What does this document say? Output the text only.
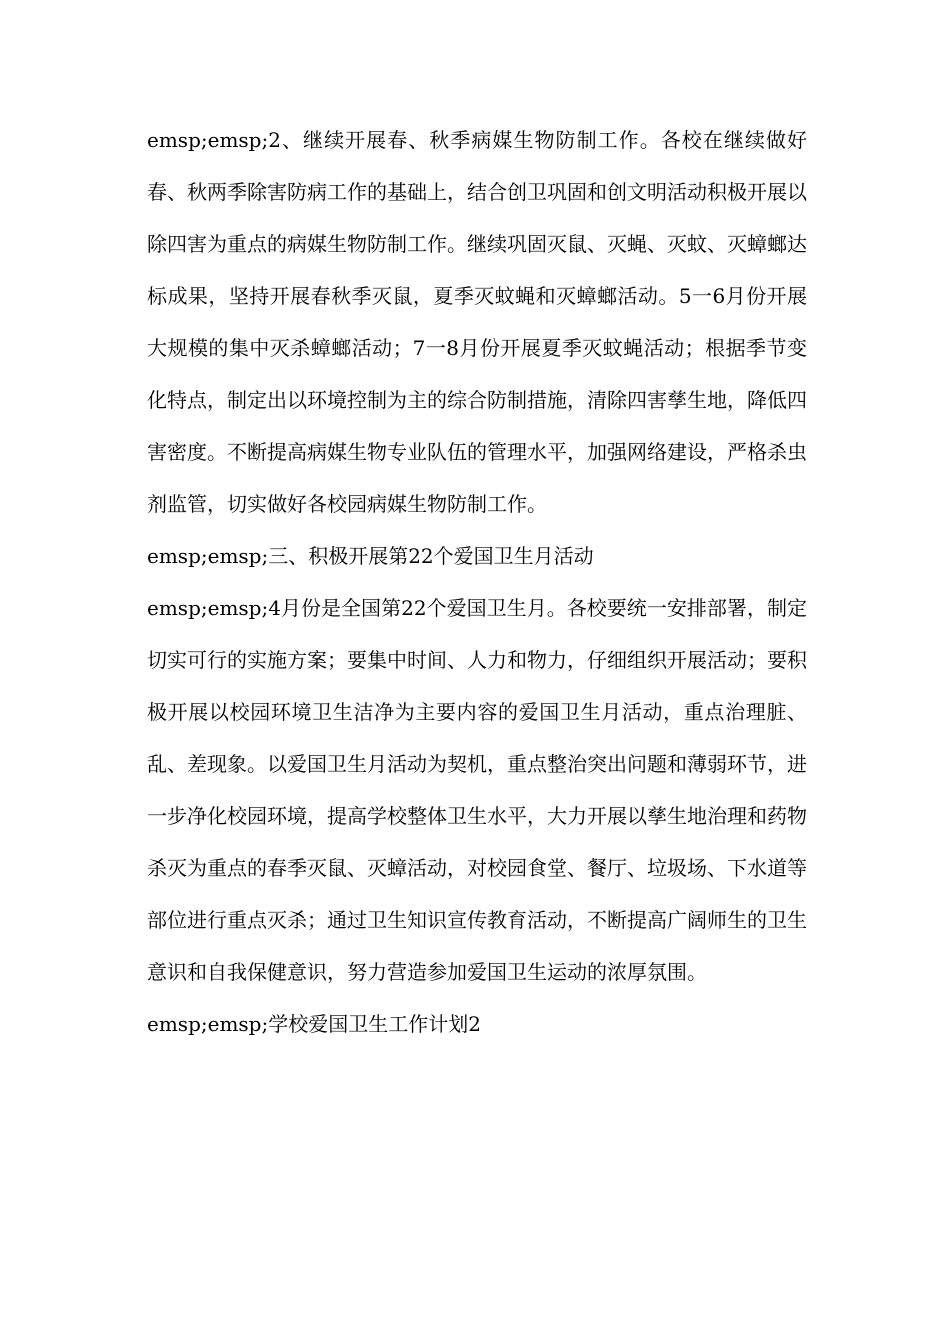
emsp;emsp;2、继续开展春、秋季病媒生物防制工作。各校在继续做好春、秋两季除害防病工作的基础上，结合创卫巩固和创文明活动积极开展以除四害为重点的病媒生物防制工作。继续巩固灭鼠、灭蝇、灭蚊、灭蟑螂达标成果，坚持开展春秋季灭鼠，夏季灭蚊蝇和灭蟑螂活动。5一6月份开展大规模的集中灭杀蟑螂活动；7一8月份开展夏季灭蚊蝇活动；根据季节变化特点，制定出以环境控制为主的综合防制措施，清除四害孳生地，降低四害密度。不断提高病媒生物专业队伍的管理水平，加强网络建设，严格杀虫剂监管，切实做好各校园病媒生物防制工作。

emsp;emsp;三、积极开展第22个爱国卫生月活动

emsp;emsp;4月份是全国第22个爱国卫生月。各校要统一安排部署，制定切实可行的实施方案；要集中时间、人力和物力，仔细组织开展活动；要积极开展以校园环境卫生洁净为主要内容的爱国卫生月活动，重点治理脏、乱、差现象。以爱国卫生月活动为契机，重点整治突出问题和薄弱环节，进一步净化校园环境，提高学校整体卫生水平，大力开展以孳生地治理和药物杀灭为重点的春季灭鼠、灭蟑活动，对校园食堂、餐厅、垃圾场、下水道等部位进行重点灭杀；通过卫生知识宣传教育活动，不断提高广阔师生的卫生意识和自我保健意识，努力营造参加爱国卫生运动的浓厚氛围。

emsp;emsp;学校爱国卫生工作计划2
